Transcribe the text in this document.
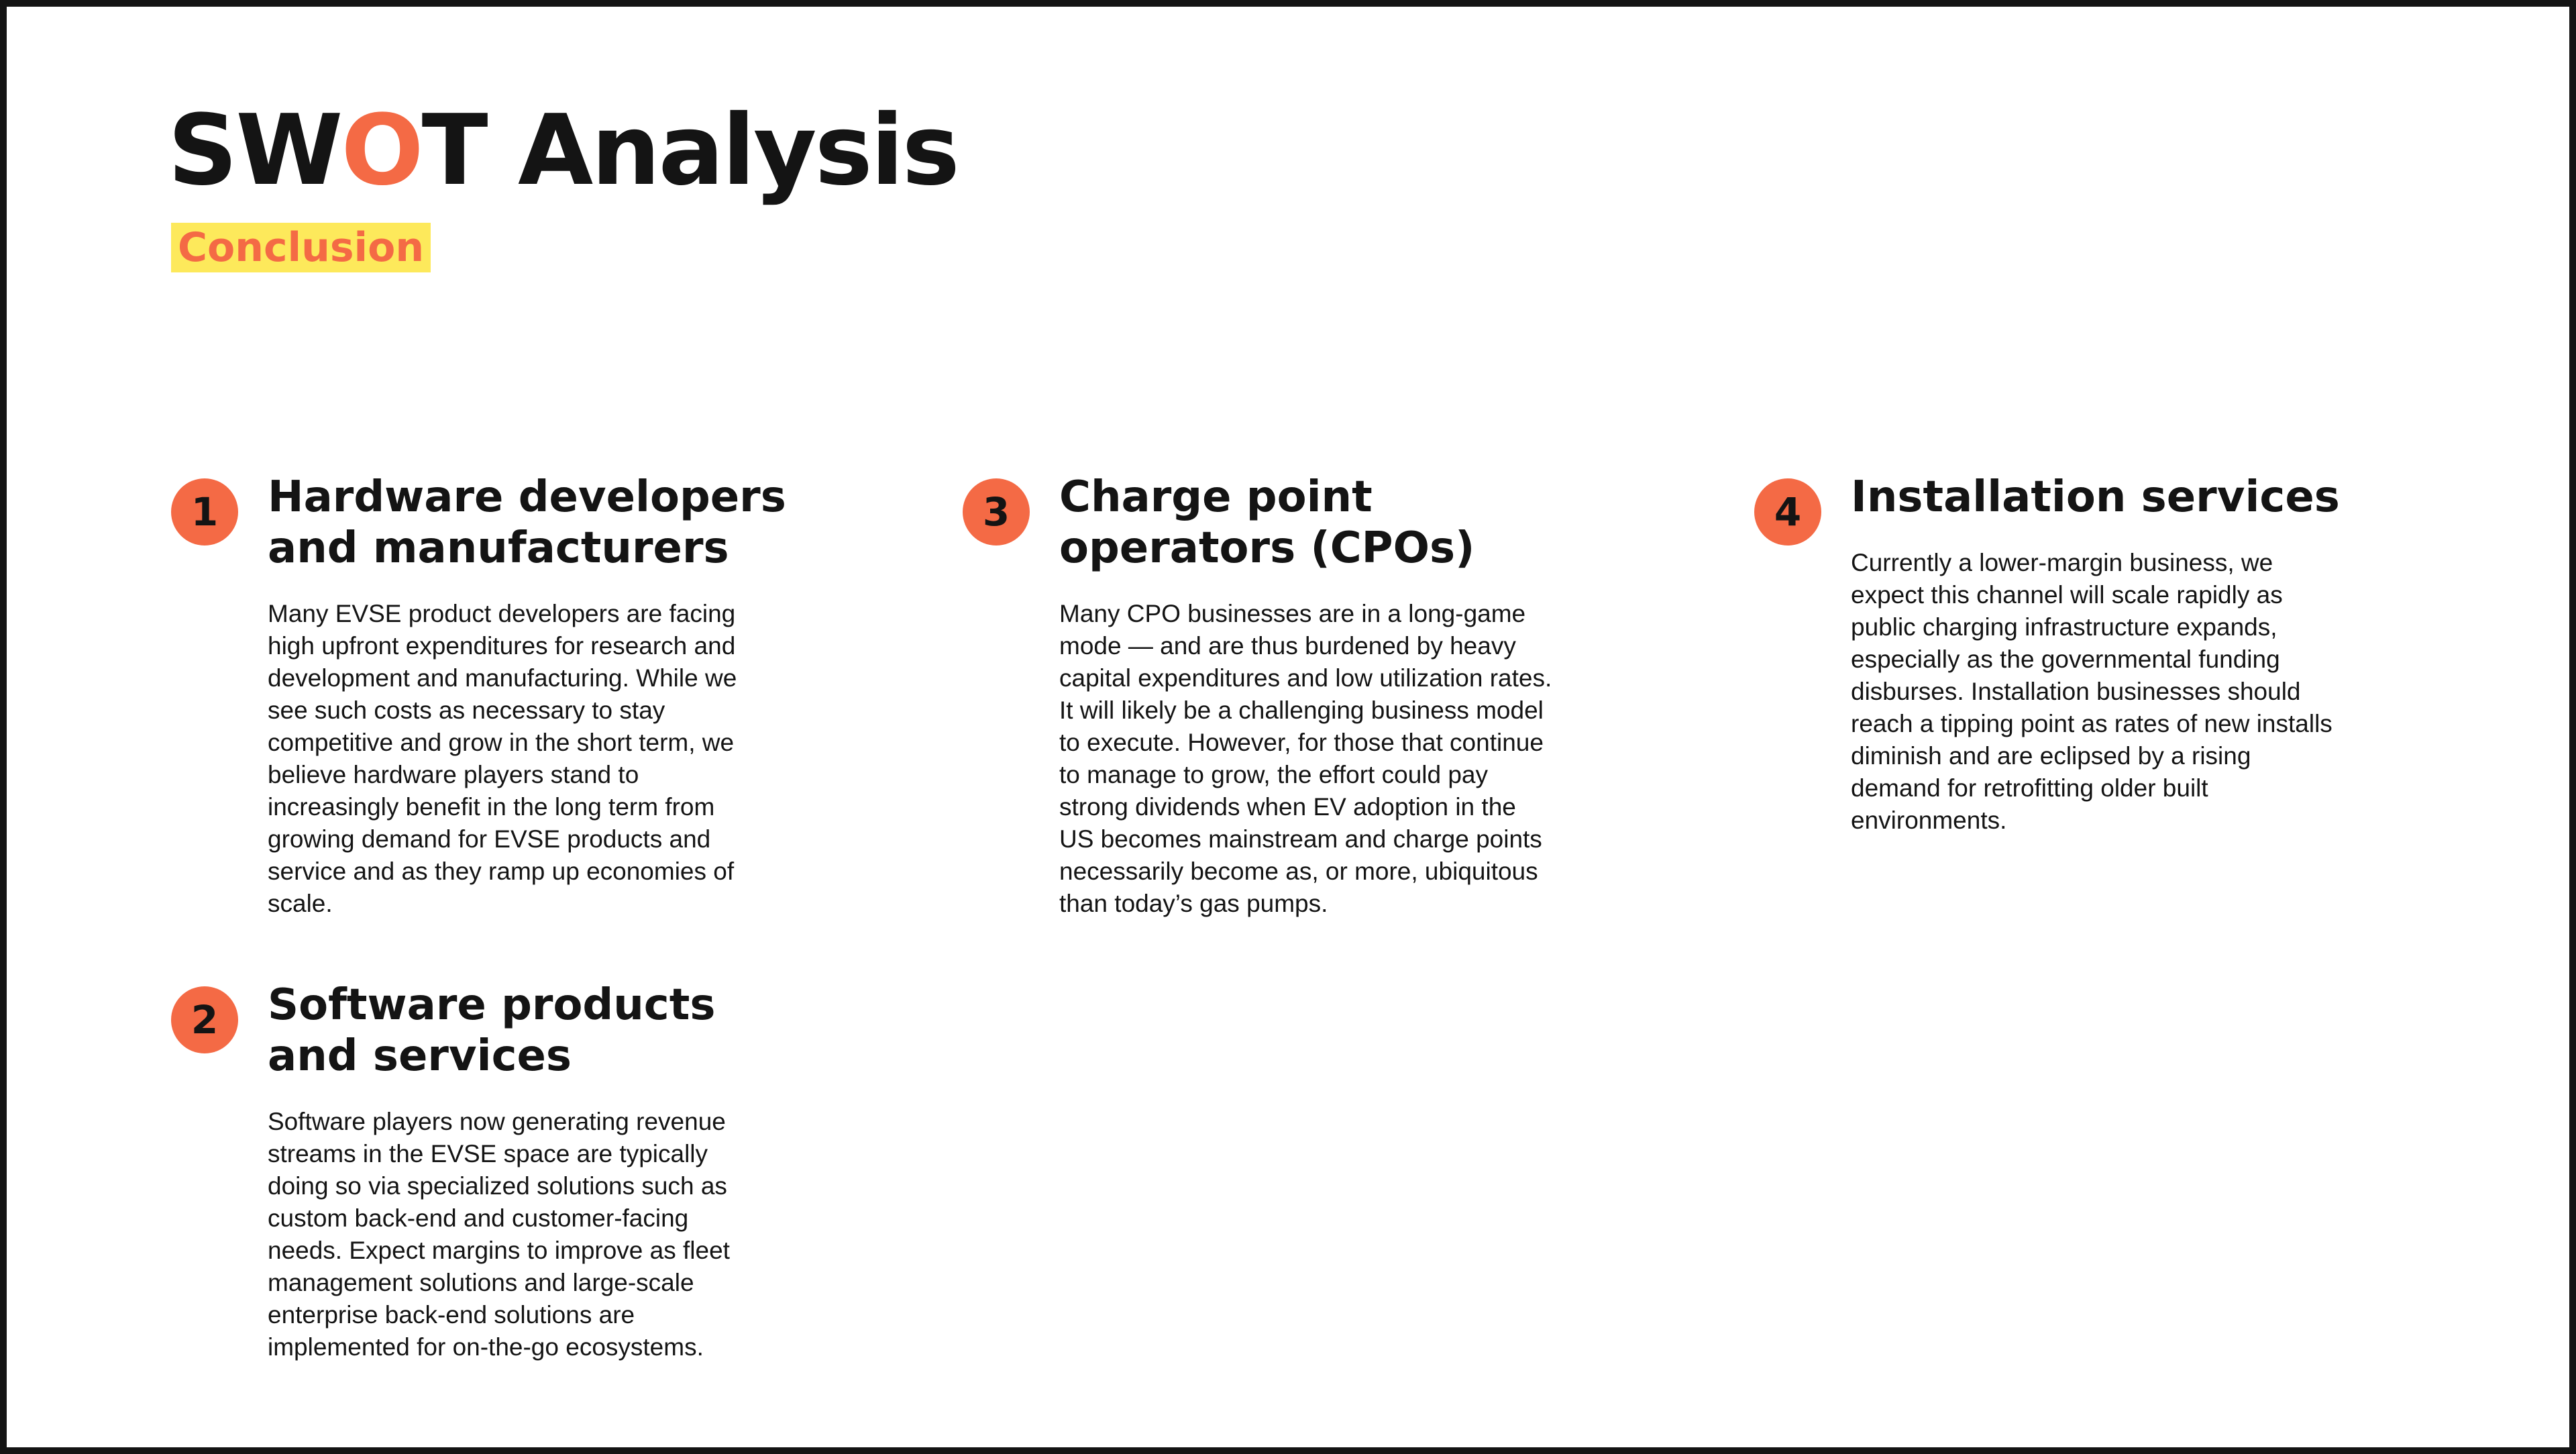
SWOT Analysis
Conclusion
1	Hardware developers and manufacturers

Many EVSE product developers are facing high upfront expenditures for research and development and manufacturing. While we see such costs as necessary to stay competitive and grow in the short term, we believe hardware players stand to increasingly benefit in the long term from growing demand for EVSE products and service and as they ramp up economies of scale.

2	Software products and services

Software players now generating revenue streams in the EVSE space are typically doing so via specialized solutions such as custom back-end and customer-facing needs. Expect margins to improve as fleet management solutions and large-scale enterprise back-end solutions are implemented for on-the-go ecosystems.

3	Charge point operators (CPOs)

Many CPO businesses are in a long-game mode — and are thus burdened by heavy capital expenditures and low utilization rates. It will likely be a challenging business model to execute. However, for those that continue to manage to grow, the effort could pay strong dividends when EV adoption in the US becomes mainstream and charge points necessarily become as, or more, ubiquitous than today’s gas pumps.

4	Installation services

Currently a lower-margin business, we expect this channel will scale rapidly as public charging infrastructure expands, especially as the governmental funding disburses. Installation businesses should reach a tipping point as rates of new installs diminish and are eclipsed by a rising demand for retrofitting older built environments.
